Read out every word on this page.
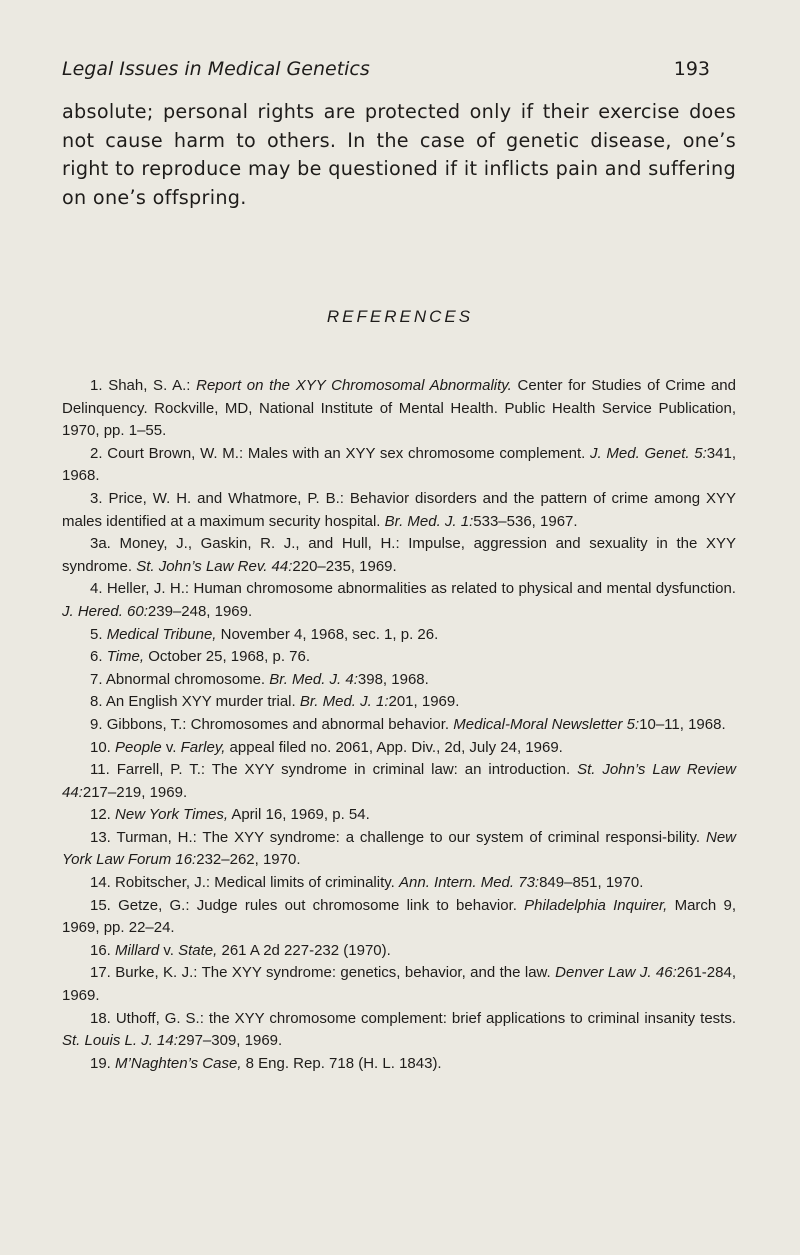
Legal Issues in Medical Genetics	193

absolute; personal rights are protected only if their exercise does not cause harm to others. In the case of genetic disease, one’s right to reproduce may be questioned if it inflicts pain and suffering on one’s offspring.

REFERENCES
1. Shah, S. A.: Report on the XYY Chromosomal Abnormality. Center for Studies of Crime and Delinquency. Rockville, MD, National Institute of Mental Health. Public Health Service Publication, 1970, pp. 1–55.
2. Court Brown, W. M.: Males with an XYY sex chromosome complement. J. Med. Genet. 5:341, 1968.
3. Price, W. H. and Whatmore, P. B.: Behavior disorders and the pattern of crime among XYY males identified at a maximum security hospital. Br. Med. J. 1:533–536, 1967.
3a. Money, J., Gaskin, R. J., and Hull, H.: Impulse, aggression and sexuality in the XYY syndrome. St. John’s Law Rev. 44:220–235, 1969.
4. Heller, J. H.: Human chromosome abnormalities as related to physical and mental dysfunction. J. Hered. 60:239–248, 1969.
5. Medical Tribune, November 4, 1968, sec. 1, p. 26.
6. Time, October 25, 1968, p. 76.
7. Abnormal chromosome. Br. Med. J. 4:398, 1968.
8. An English XYY murder trial. Br. Med. J. 1:201, 1969.
9. Gibbons, T.: Chromosomes and abnormal behavior. Medical-Moral Newsletter 5:10–11, 1968.
10. People v. Farley, appeal filed no. 2061, App. Div., 2d, July 24, 1969.
11. Farrell, P. T.: The XYY syndrome in criminal law: an introduction. St. John’s Law Review 44:217–219, 1969.
12. New York Times, April 16, 1969, p. 54.
13. Turman, H.: The XYY syndrome: a challenge to our system of criminal responsi-bility. New York Law Forum 16:232–262, 1970.
14. Robitscher, J.: Medical limits of criminality. Ann. Intern. Med. 73:849–851, 1970.
15. Getze, G.: Judge rules out chromosome link to behavior. Philadelphia Inquirer, March 9, 1969, pp. 22–24.
16. Millard v. State, 261 A 2d 227-232 (1970).
17. Burke, K. J.: The XYY syndrome: genetics, behavior, and the law. Denver Law J. 46:261-284, 1969.
18. Uthoff, G. S.: the XYY chromosome complement: brief applications to criminal insanity tests. St. Louis L. J. 14:297–309, 1969.
19. M’Naghten’s Case, 8 Eng. Rep. 718 (H. L. 1843).
